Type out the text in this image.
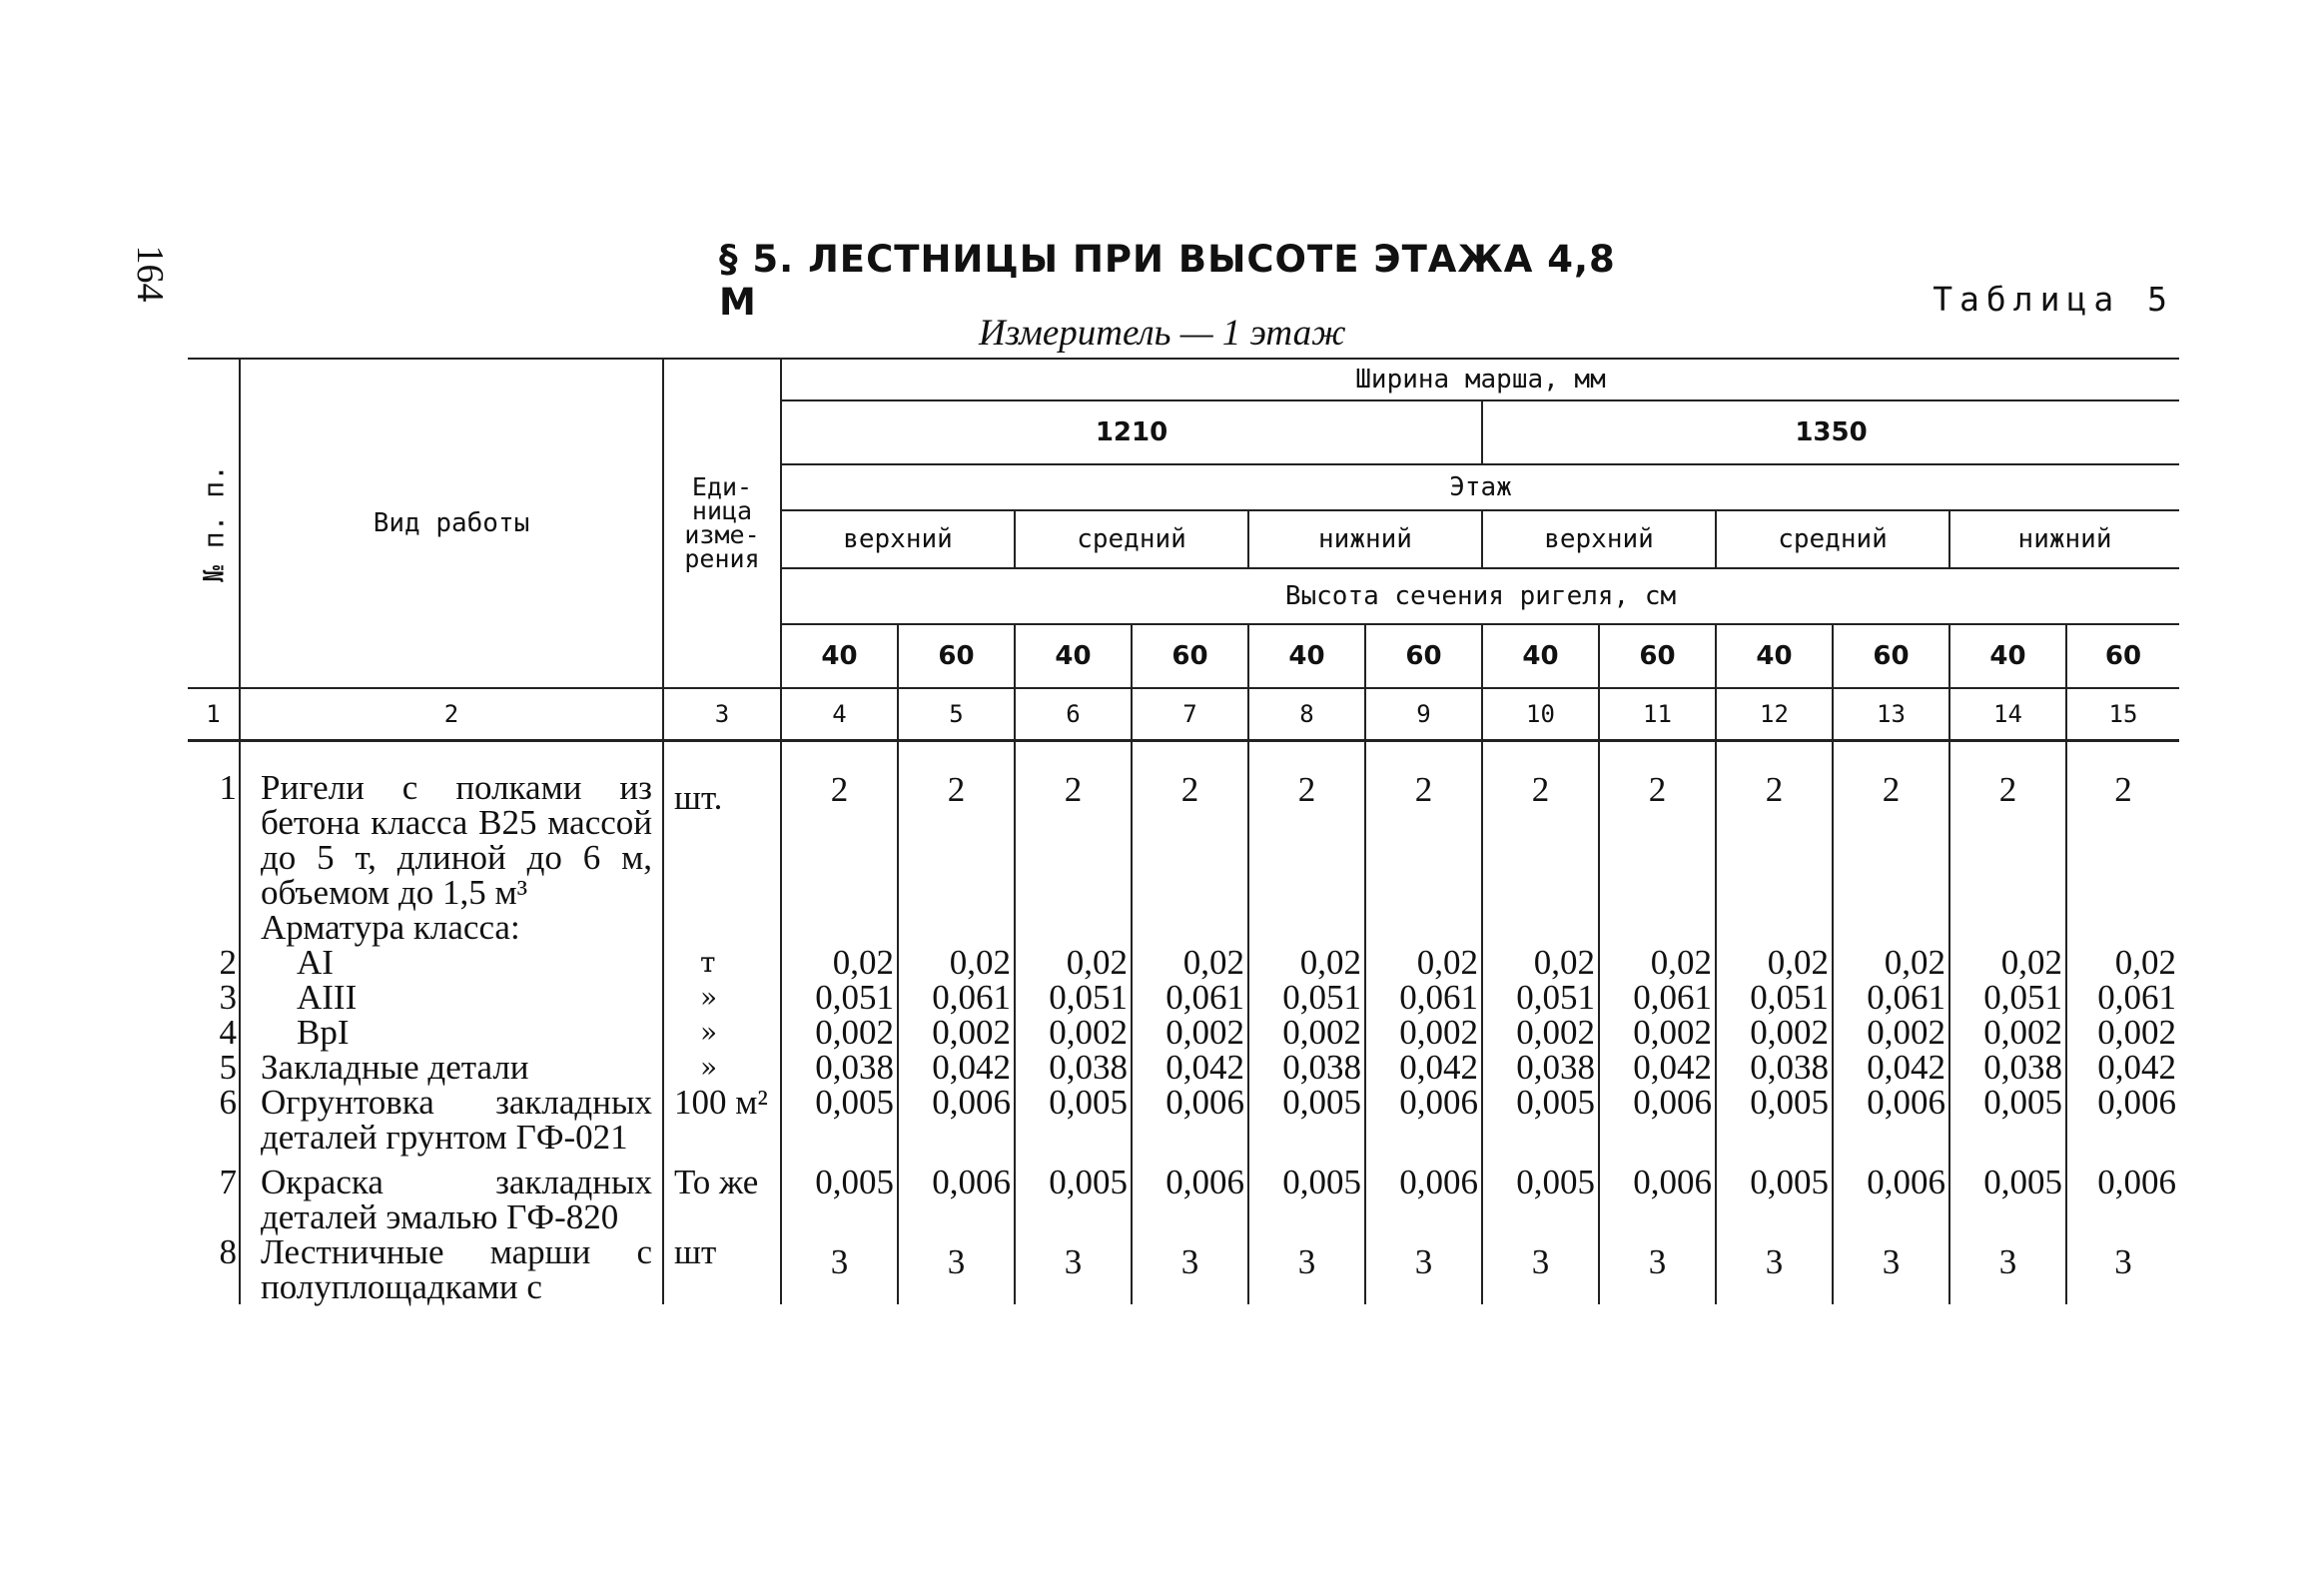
164	§ 5. ЛЕСТНИЦЫ ПРИ ВЫСОТЕ ЭТАЖА 4,8 М	Таблица 5
Измеритель — 1 этаж
№ п. п.	Вид работы	Еди-
ница
изме-
рения	Ширина марша, мм											
			1210						1350					
			Этаж											
			верхний		средний		нижний		верхний		средний		нижний	
			Высота сечения ригеля, см											
			40	60	40	60	40	60	40	60	40	60	40	60
1	2	3	4	5	6	7	8	9	10	11	12	13	14	15
1	Ригели с полками из бетона класса В25 массой до 5 т, длиной до 6 м, объемом до 1,5 м³	шт.	2	2	2	2	2	2	2	2	2	2	2	2
	Арматура класса:													
2	AI	т	0,02	0,02	0,02	0,02	0,02	0,02	0,02	0,02	0,02	0,02	0,02	0,02
3	AIII	»	0,051	0,061	0,051	0,061	0,051	0,061	0,051	0,061	0,051	0,061	0,051	0,061
4	BpI	»	0,002	0,002	0,002	0,002	0,002	0,002	0,002	0,002	0,002	0,002	0,002	0,002
5	Закладные детали	»	0,038	0,042	0,038	0,042	0,038	0,042	0,038	0,042	0,038	0,042	0,038	0,042
6	Огрунтовка закладных деталей грунтом ГФ-021	100 м²	0,005	0,006	0,005	0,006	0,005	0,006	0,005	0,006	0,005	0,006	0,005	0,006
7	Окраска закладных деталей эмалью ГФ-820	То же	0,005	0,006	0,005	0,006	0,005	0,006	0,005	0,006	0,005	0,006	0,005	0,006
8	Лестничные марши с полуплощадками с	шт	3	3	3	3	3	3	3	3	3	3	3	3
